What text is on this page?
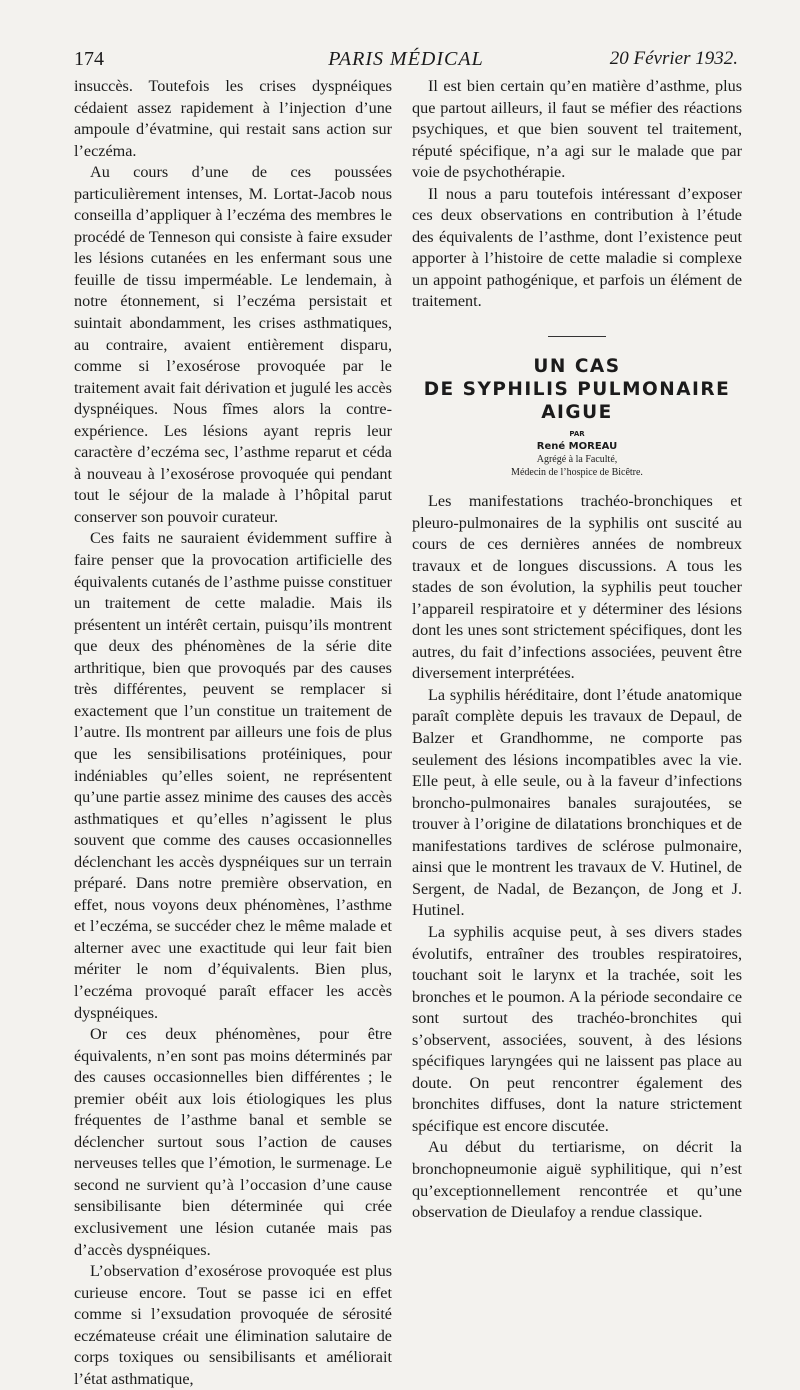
174	PARIS MÉDICAL	20 Février 1932.

insuccès. Toutefois les crises dyspnéiques cédaient assez rapidement à l’injection d’une ampoule d’évatmine, qui restait sans action sur l’eczéma.

Au cours d’une de ces poussées particulièrement intenses, M. Lortat-Jacob nous conseilla d’appliquer à l’eczéma des membres le procédé de Tenneson qui consiste à faire exsuder les lésions cutanées en les enfermant sous une feuille de tissu imperméable. Le lendemain, à notre étonnement, si l’eczéma persistait et suintait abondamment, les crises asthmatiques, au contraire, avaient entièrement disparu, comme si l’exosérose provoquée par le traitement avait fait dérivation et jugulé les accès dyspnéiques. Nous fîmes alors la contre-expérience. Les lésions ayant repris leur caractère d’eczéma sec, l’asthme reparut et céda à nouveau à l’exosérose provoquée qui pendant tout le séjour de la malade à l’hôpital parut conserver son pouvoir curateur.

Ces faits ne sauraient évidemment suffire à faire penser que la provocation artificielle des équivalents cutanés de l’asthme puisse constituer un traitement de cette maladie. Mais ils présentent un intérêt certain, puisqu’ils montrent que deux des phénomènes de la série dite arthritique, bien que provoqués par des causes très différentes, peuvent se remplacer si exactement que l’un constitue un traitement de l’autre. Ils montrent par ailleurs une fois de plus que les sensibilisations protéiniques, pour indéniables qu’elles soient, ne représentent qu’une partie assez minime des causes des accès asthmatiques et qu’elles n’agissent le plus souvent que comme des causes occasionnelles déclenchant les accès dyspnéiques sur un terrain préparé. Dans notre première observation, en effet, nous voyons deux phénomènes, l’asthme et l’eczéma, se succéder chez le même malade et alterner avec une exactitude qui leur fait bien mériter le nom d’équivalents. Bien plus, l’eczéma provoqué paraît effacer les accès dyspnéiques.

Or ces deux phénomènes, pour être équivalents, n’en sont pas moins déterminés par des causes occasionnelles bien différentes ; le premier obéit aux lois étiologiques les plus fréquentes de l’asthme banal et semble se déclencher surtout sous l’action de causes nerveuses telles que l’émotion, le surmenage. Le second ne survient qu’à l’occasion d’une cause sensibilisante bien déterminée qui crée exclusivement une lésion cutanée mais pas d’accès dyspnéiques.

L’observation d’exosérose provoquée est plus curieuse encore. Tout se passe ici en effet comme si l’exsudation provoquée de sérosité eczémateuse créait une élimination salutaire de corps toxiques ou sensibilisants et améliorait l’état asthmatique,

Il est bien certain qu’en matière d’asthme, plus que partout ailleurs, il faut se méfier des réactions psychiques, et que bien souvent tel traitement, réputé spécifique, n’a agi sur le malade que par voie de psychothérapie.

Il nous a paru toutefois intéressant d’exposer ces deux observations en contribution à l’étude des équivalents de l’asthme, dont l’existence peut apporter à l’histoire de cette maladie si complexe un appoint pathogénique, et parfois un élément de traitement.

UN CAS
DE SYPHILIS PULMONAIRE
AIGUE
PAR
René MOREAU
Agrégé à la Faculté,
Médecin de l’hospice de Bicêtre.

Les manifestations trachéo-bronchiques et pleuro-pulmonaires de la syphilis ont suscité au cours de ces dernières années de nombreux travaux et de longues discussions. A tous les stades de son évolution, la syphilis peut toucher l’appareil respiratoire et y déterminer des lésions dont les unes sont strictement spécifiques, dont les autres, du fait d’infections associées, peuvent être diversement interprétées.

La syphilis héréditaire, dont l’étude anatomique paraît complète depuis les travaux de Depaul, de Balzer et Grandhomme, ne comporte pas seulement des lésions incompatibles avec la vie. Elle peut, à elle seule, ou à la faveur d’infections broncho-pulmonaires banales surajoutées, se trouver à l’origine de dilatations bronchiques et de manifestations tardives de sclérose pulmonaire, ainsi que le montrent les travaux de V. Hutinel, de Sergent, de Nadal, de Bezançon, de Jong et J. Hutinel.

La syphilis acquise peut, à ses divers stades évolutifs, entraîner des troubles respiratoires, touchant soit le larynx et la trachée, soit les bronches et le poumon. A la période secondaire ce sont surtout des trachéo-bronchites qui s’observent, associées, souvent, à des lésions spécifiques laryngées qui ne laissent pas place au doute. On peut rencontrer également des bronchites diffuses, dont la nature strictement spécifique est encore discutée.

Au début du tertiarisme, on décrit la bronchopneumonie aiguë syphilitique, qui n’est qu’exceptionnellement rencontrée et qu’une observation de Dieulafoy a rendue classique.
